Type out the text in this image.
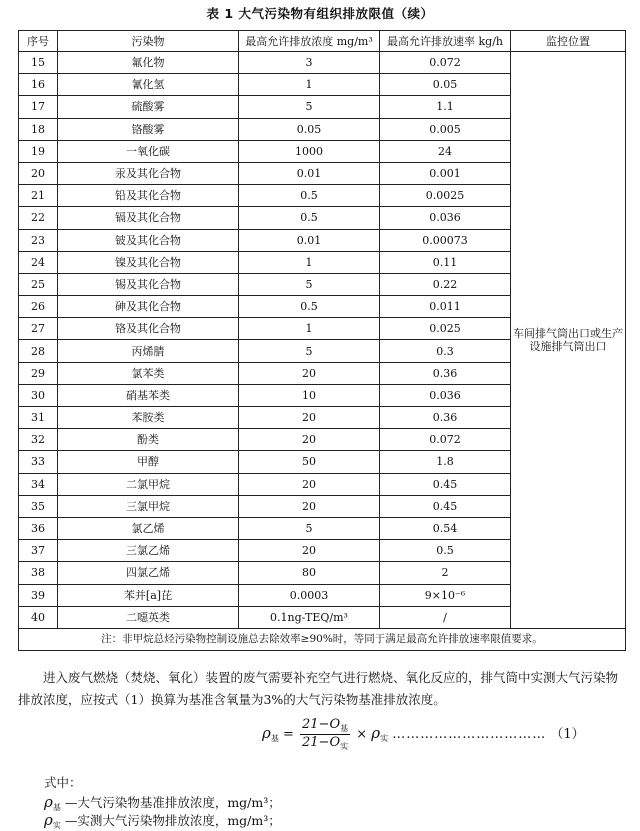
表 1 大气污染物有组织排放限值（续）
序号	污染物	最高允许排放浓度 mg/m³	最高允许排放速率 kg/h	监控位置
15	氟化物	3	0.072	车间排气筒出口或生产设施排气筒出口
16	氰化氢	1	0.05	
17	硫酸雾	5	1.1	
18	铬酸雾	0.05	0.005	
19	一氧化碳	1000	24	
20	汞及其化合物	0.01	0.001	
21	铅及其化合物	0.5	0.0025	
22	镉及其化合物	0.5	0.036	
23	铍及其化合物	0.01	0.00073	
24	镍及其化合物	1	0.11	
25	锡及其化合物	5	0.22	
26	砷及其化合物	0.5	0.011	
27	铬及其化合物	1	0.025	
28	丙烯腈	5	0.3	
29	氯苯类	20	0.36	
30	硝基苯类	10	0.036	
31	苯胺类	20	0.36	
32	酚类	20	0.072	
33	甲醇	50	1.8	
34	二氯甲烷	20	0.45	
35	三氯甲烷	20	0.45	
36	氯乙烯	5	0.54	
37	三氯乙烯	20	0.5	
38	四氯乙烯	80	2	
39	苯并[a]芘	0.0003	9×10⁻⁶	
40	二噁英类	0.1ng-TEQ/m³	/	
注：非甲烷总烃污染物控制设施总去除效率≥90%时，等同于满足最高允许排放速率限值要求。				
进入废气燃烧（焚烧、氧化）装置的废气需要补充空气进行燃烧、氧化反应的，排气筒中实测大气污染物排放浓度，应按式（1）换算为基准含氧量为3%的大气污染物基准排放浓度。
$\rho_基 = \frac{21-O_基}{21-O_实} \times \rho_实$ …………………………… （1）
式中：
$\rho_基$ —大气污染物基准排放浓度，mg/m³；
$\rho_实$ —实测大气污染物排放浓度，mg/m³；
